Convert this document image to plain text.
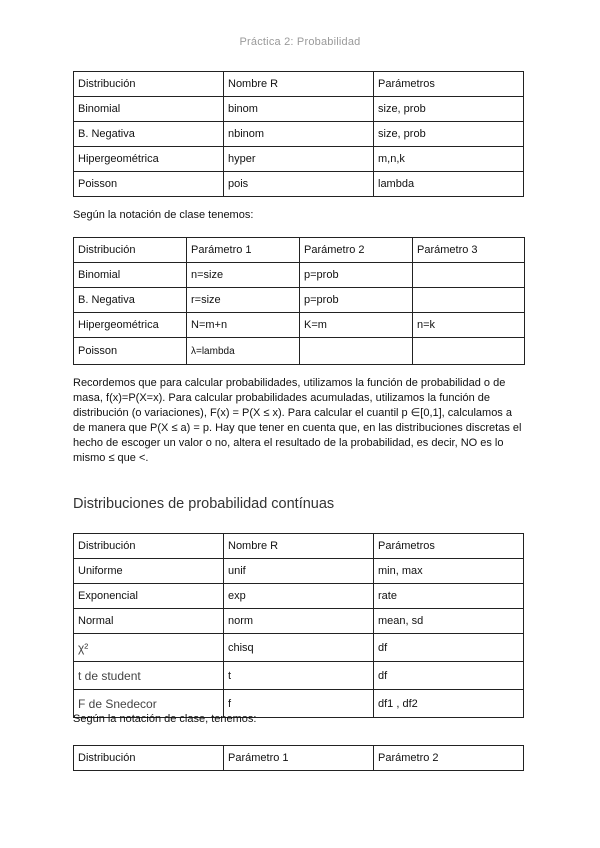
Práctica 2: Probabilidad
Distribución	Nombre R	Parámetros
Binomial	binom	size, prob
B. Negativa	nbinom	size, prob
Hipergeométrica	hyper	m,n,k
Poisson	pois	lambda
Según la notación de clase tenemos:
Distribución	Parámetro 1	Parámetro 2	Parámetro 3
Binomial	n=size	p=prob	
B. Negativa	r=size	p=prob	
Hipergeométrica	N=m+n	K=m	n=k
Poisson	λ=lambda		
Recordemos que para calcular probabilidades, utilizamos la función de probabilidad o de
masa, f(x)=P(X=x). Para calcular probabilidades acumuladas, utilizamos la función de
distribución (o variaciones), F(x) = P(X ≤ x). Para calcular el cuantil p ∈[0,1], calculamos a
de manera que P(X ≤ a) = p. Hay que tener en cuenta que, en las distribuciones discretas el
hecho de escoger un valor o no, altera el resultado de la probabilidad, es decir, NO es lo
mismo ≤ que <.
Distribuciones de probabilidad contínuas
Distribución	Nombre R	Parámetros
Uniforme	unif	min, max
Exponencial	exp	rate
Normal	norm	mean, sd
χ²	chisq	df
t de student	t	df
F de Snedecor	f	df1 , df2
Según la notación de clase, tenemos:
Distribución	Parámetro 1	Parámetro 2
